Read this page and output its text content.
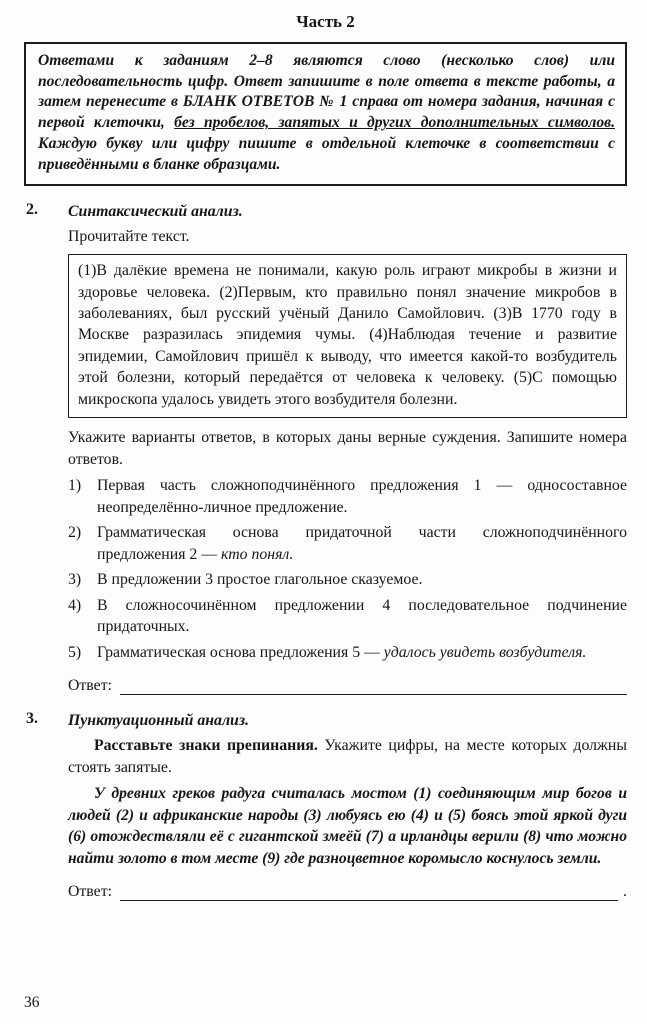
Часть 2
Ответами к заданиям 2–8 являются слово (несколько слов) или последовательность цифр. Ответ запишите в поле ответа в тексте работы, а затем перенесите в БЛАНК ОТВЕТОВ № 1 справа от номера задания, начиная с первой клеточки, без пробелов, запятых и других дополнительных символов. Каждую букву или цифру пишите в отдельной клеточке в соответствии с приведёнными в бланке образцами.
2.	Синтаксический анализ.
Прочитайте текст.
(1)В далёкие времена не понимали, какую роль играют микробы в жизни и здоровье человека. (2)Первым, кто правильно понял значение микробов в заболеваниях, был русский учёный Данило Самойлович. (3)В 1770 году в Москве разразилась эпидемия чумы. (4)Наблюдая течение и развитие эпидемии, Самойлович пришёл к выводу, что имеется какой-то возбудитель этой болезни, который передаётся от человека к человеку. (5)С помощью микроскопа удалось увидеть этого возбудителя болезни.
Укажите варианты ответов, в которых даны верные суждения. Запишите номера ответов.
1)	Первая часть сложноподчинённого предложения 1 — односоставное неопределённо-личное предложение.
2)	Грамматическая основа придаточной части сложноподчинённого предложения 2 — кто понял.
3)	В предложении 3 простое глагольное сказуемое.
4)	В сложносочинённом предложении 4 последовательное подчинение придаточных.
5)	Грамматическая основа предложения 5 — удалось увидеть возбудителя.
Ответ:
3.	Пунктуационный анализ.
Расставьте знаки препинания. Укажите цифры, на месте которых должны стоять запятые.
У древних греков радуга считалась мостом (1) соединяющим мир богов и людей (2) и африканские народы (3) любуясь ею (4) и (5) боясь этой яркой дуги (6) отождествляли её с гигантской змеёй (7) а ирландцы верили (8) что можно найти золото в том месте (9) где разноцветное коромысло коснулось земли.
Ответ:	.
36
